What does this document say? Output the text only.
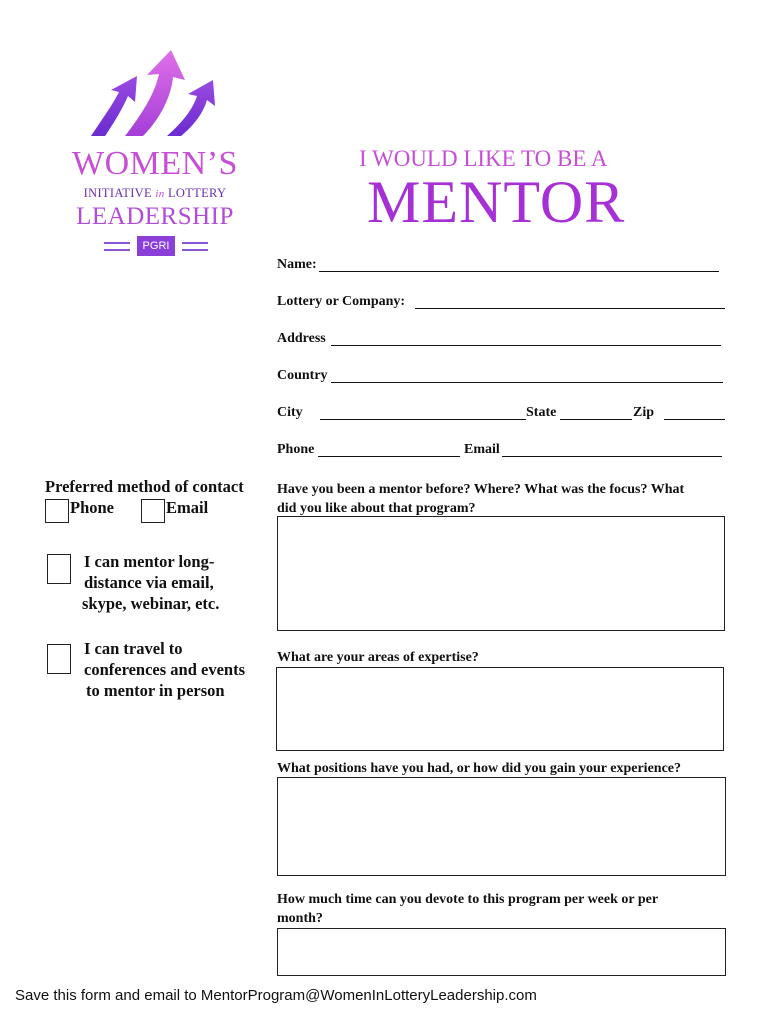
WOMEN’S
INITIATIVE in LOTTERY
LEADERSHIP
PGRI
I WOULD LIKE TO BE A
MENTOR
Name:
Lottery or Company:
Address
Country
City	State	Zip
Phone	Email
Preferred method of contact
Phone	Email
I can mentor long-
distance via email,
skype, webinar, etc.
I can travel to
conferences and events
to mentor in person
Have you been a mentor before? Where? What was the focus? What
did you like about that program?
What are your areas of expertise?
What positions have you had, or how did you gain your experience?
How much time can you devote to this program per week or per
month?
Save this form and email to MentorProgram@WomenInLotteryLeadership.com
